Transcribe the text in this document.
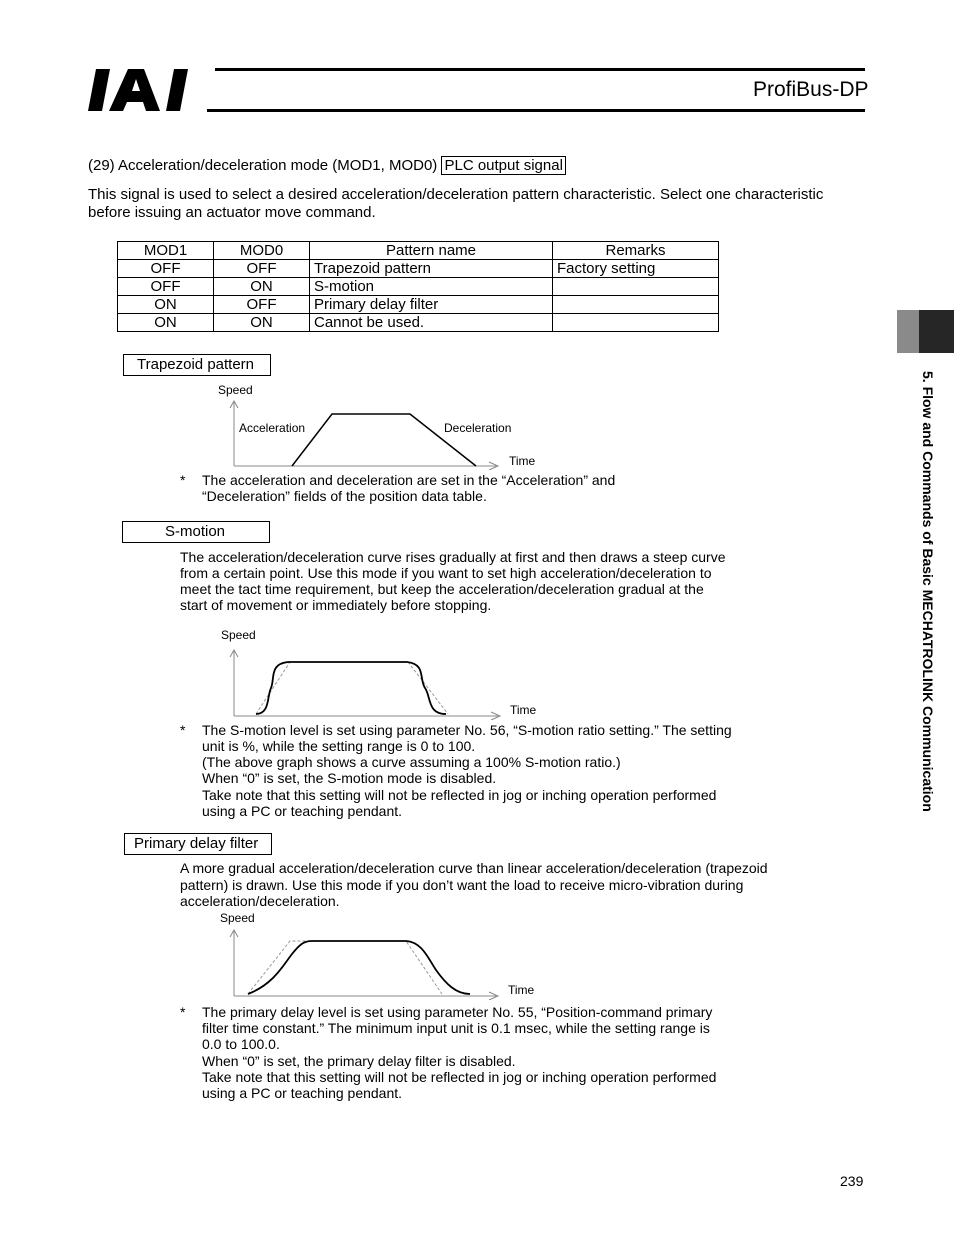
ProfiBus-DP
(29) Acceleration/deceleration mode (MOD1, MOD0) PLC output signal
This signal is used to select a desired acceleration/deceleration pattern characteristic. Select one characteristic
before issuing an actuator move command.
MOD1	MOD0	Pattern name	Remarks
OFF	OFF	Trapezoid pattern	Factory setting
OFF	ON	S-motion	
ON	OFF	Primary delay filter	
ON	ON	Cannot be used.	
Trapezoid pattern
Speed
Acceleration	Deceleration
Time
* The acceleration and deceleration are set in the “Acceleration” and
“Deceleration” fields of the position data table.
S-motion
The acceleration/deceleration curve rises gradually at first and then draws a steep curve
from a certain point. Use this mode if you want to set high acceleration/deceleration to
meet the tact time requirement, but keep the acceleration/deceleration gradual at the
start of movement or immediately before stopping.
Speed
Time
* The S-motion level is set using parameter No. 56, “S-motion ratio setting.” The setting
unit is %, while the setting range is 0 to 100.
(The above graph shows a curve assuming a 100% S-motion ratio.)
When “0” is set, the S-motion mode is disabled.
Take note that this setting will not be reflected in jog or inching operation performed
using a PC or teaching pendant.
Primary delay filter
A more gradual acceleration/deceleration curve than linear acceleration/deceleration (trapezoid
pattern) is drawn. Use this mode if you don’t want the load to receive micro-vibration during
acceleration/deceleration.
Speed
Time
* The primary delay level is set using parameter No. 55, “Position-command primary
filter time constant.” The minimum input unit is 0.1 msec, while the setting range is
0.0 to 100.0.
When “0” is set, the primary delay filter is disabled.
Take note that this setting will not be reflected in jog or inching operation performed
using a PC or teaching pendant.
5. Flow and Commands of Basic MECHATROLINK Communication
239
